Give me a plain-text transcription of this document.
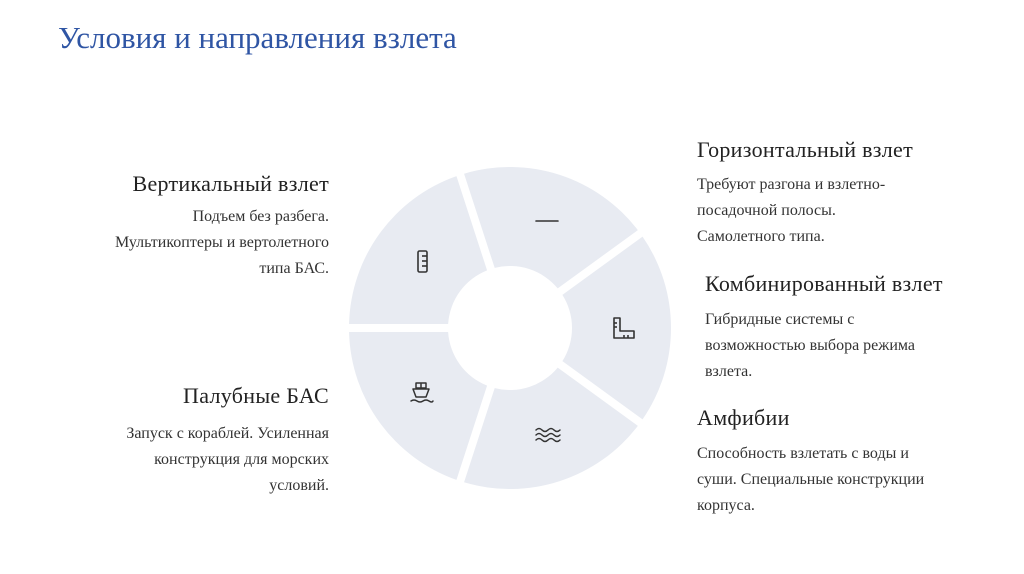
Условия и направления взлета
Вертикальный взлет
Подъем без разбега.
Мультикоптеры и вертолетного
типа БАС.
Палубные БАС
Запуск с кораблей. Усиленная
конструкция для морских
условий.
Горизонтальный взлет
Требуют разгона и взлетно-
посадочной полосы.
Самолетного типа.
Комбинированный взлет
Гибридные системы с
возможностью выбора режима
взлета.
Амфибии
Способность взлетать с воды и
суши. Специальные конструкции
корпуса.
